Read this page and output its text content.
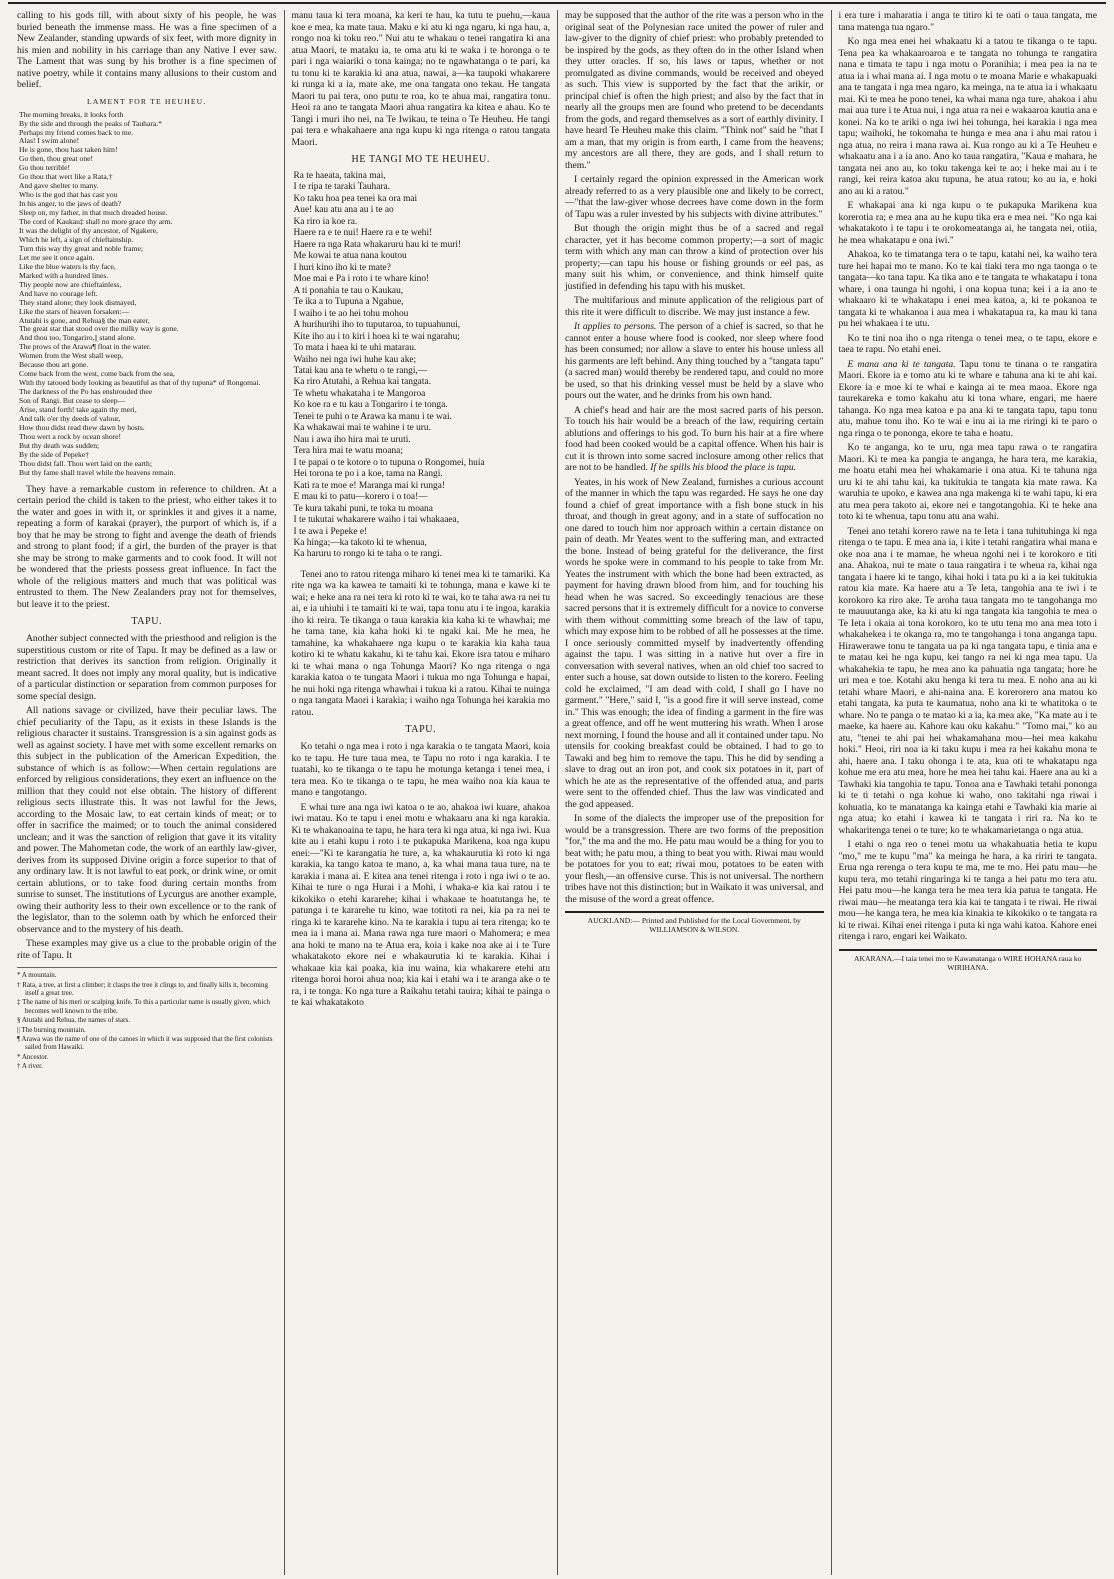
calling to his gods till, with about sixty of his people, he was buried beneath the immense mass. He was a fine specimen of a New Zealander, standing upwards of six feet, with more dignity in his mien and nobility in his carriage than any Native I ever saw. The Lament that was sung by his brother is a fine specimen of native poetry, while it contains many allusions to their custom and belief.

LAMENT FOR TE HEUHEU.
The morning breaks, it looks forth
By the side and through the peaks of Tauhara.*
Perhaps my friend comes back to me.
Alas! I swim alone!
He is gone, thou hast taken him!
Go then, thou great one!
Go thou terrible!
Go thou that wert like a Rata,†
And gave shelter to many.
Who is the god that has cast you
In his anger, to the jaws of death?
Sleep on, my father, in that much dreaded house.
The cord of Kaukau‡ shall no more grace thy arm.
It was the delight of thy ancestor, of Ngakere,
Which he left, a sign of chieftainship.
Turn this way thy great and noble frame;
Let me see it once again.
Like the blue waters is thy face,
Marked with a hundred lines.
Thy people now are chieftainless,
And have no courage left.
They stand alone; they look dismayed,
Like the stars of heaven forsaken:—
Atutahi is gone, and Rehua§ the man eater,
The great star that stood over the milky way is gone.
And thou too, Tongariro,|| stand alone.
The prows of the Arawa¶ float in the water.
Women from the West shall weep,
Because thou art gone.
Come back from the west, come back from the sea,
With thy tatooed body looking as beautiful as that of thy tupuna* of Rongomai.
The darkness of the Po has enshrouded thee
Son of Rangi. But cease to sleep—
Arise, stand forth! take again thy meri,
And talk o'er thy deeds of valour,
How thou didst read thew dawn by hosts.
Thou wert a rock by ocean shore!
But thy death was sudden;
By the side of Pepeke†
Thou didst fall. Thou wert laid on the earth;
But thy fame shall travel while the heavens remain.

They have a remarkable custom in reference to children. At a certain period the child is taken to the priest, who either takes it to the water and goes in with it, or sprinkles it and gives it a name, repeating a form of karakai (prayer), the purport of which is, if a boy that he may be strong to fight and avenge the death of friends and strong to plant food; if a girl, the burden of the prayer is that she may be strong to make garments and to cook food. It will not be wondered that the priests possess great influence. In fact the whole of the religious matters and much that was political was entrusted to them. The New Zealanders pray not for themselves, but leave it to the priest.

TAPU.

Another subject connected with the priesthood and religion is the superstitious custom or rite of Tapu. It may be defined as a law or restriction that derives its sanction from religion. Originally it meant sacred. It does not imply any moral quality, but is indicative of a particular distinction or separation from common purposes for some special design.

All nations savage or civilized, have their peculiar laws. The chief peculiarity of the Tapu, as it exists in these Islands is the religious character it sustains. Transgression is a sin against gods as well as against society. I have met with some excellent remarks on this subject in the publication of the American Expedition, the substance of which is as follow:—When certain regulations are enforced by religious considerations, they exert an influence on the million that they could not else obtain. The history of different religious sects illustrate this. It was not lawful for the Jews, according to the Mosaic law, to eat certain kinds of meat; or to offer in sacrifice the maimed; or to touch the animal considered unclean; and it was the sanction of religion that gave it its vitality and power. The Mahometan code, the work of an earthly law-giver, derives from its supposed Divine origin a force superior to that of any ordinary law. It is not lawful to eat pork, or drink wine, or omit certain ablutions, or to take food during certain months from sunrise to sunset. The institutions of Lycurgus are another example, owing their authority less to their own excellence or to the rank of the legislator, than to the solemn oath by which he enforced their observance and to the mystery of his death.

These examples may give us a clue to the probable origin of the rite of Tapu. It

* A mountain.
† Rata, a tree, at first a climber; it clasps the tree it clings to, and finally kills it, becoming itself a great tree.
‡ The name of his meri or scalping knife. To this a particular name is usually given, which becomes well known to the tribe.
§ Atutahi and Rehua, the names of stars.
|| The burning mountain.
¶ Arawa was the name of one of the canoes in which it was supposed that the first colonists sailed from Hawaiki.
* Ancestor.
† A river.

manu taua ki tera moana, ka keri te hau, ka tutu te puehu,—kaua koe e mea, ka mate taua. Maku e ki atu ki nga ngaru, ki nga hau, a, rongo noa ki toku reo." Nui atu te whakau o tenei rangatira ki ana atua Maori, te mataku ia, te oma atu ki te waka i te horonga o te pari i nga waiariki o tona kainga; no te ngawhatanga o te pari, ka tu tonu ki te karakia ki ana atua, nawai, a—ka taupoki whakarere ki runga ki a ia, mate ake, me ona tangata ono tekau. He tangata Maori tu pai tera, ono putu te roa, ko te ahua mai, rangatira tonu. Heoi ra ano te tangata Maori ahua rangatira ka kitea e ahau. Ko te Tangi i muri iho nei, na Te Iwikau, te teina o Te Heuheu. He tangi pai tera e whakahaere ana nga kupu ki nga ritenga o ratou tangata Maori.

HE TANGI MO TE HEUHEU.
Ra te haeata, takina mai,
I te ripa te taraki Tauhara.
Ko taku hoa pea tenei ka ora mai
Aue! kau atu ana au i te ao
Ka riro ia koe ra.
Haere ra e te nui! Haere ra e te wehi!
Haere ra nga Rata whakaruru hau ki te muri!
Me kowai te atua nana koutou
I huri kino iho ki te mate?
Moe mai e Pa i roto i te whare kino!
A ti ponahia te tau o Kaukau,
Te ika a to Tupuna a Ngahue,
I waiho i te ao hei tohu mohou
A hurihurihi iho to tuputaroa, to tupuahunui,
Kite iho au i to kiri i hoea ki te wai ngarahu;
To mata i haea ki te uhi matarau.
Waiho nei nga iwi huhe kau ake;
Tatai kau ana te whetu o te rangi,—
Ka riro Atutahi, a Rehua kai tangata.
Te whetu whakataha i te Mangoroa
Ko koe ra e tu kau a Tongariro i te tonga.
Tenei te puhi o te Arawa ka manu i te wai.
Ka whakawai mai te wahine i te uru.
Nau i awa iho hira mai te uruti.
Tera hira mai te watu moana;
I te papai o te kotore o to tupuna o Rongomei, huia
Hei torona te po i a koe, tama na Rangi.
Kati ra te moe e! Maranga mai ki runga!
E mau ki to patu—korero i o toa!—
Te kura takahi puni, te toka tu moana
I te tukutai whakarere waiho i tai whakaaea,
I te awa i Pepeke e!
Ka hinga;—ka takoto ki te whenua,
Ka haruru to rongo ki te taha o te rangi.

Tenei ano to ratou ritenga miharo ki tenei mea ki te tamariki. Ka rite nga wa ka kawea te tamaiti ki te tohunga, mana e kawe ki te wai; e heke ana ra nei tera ki roto ki te wai, ko te taha awa ra nei tu ai, e ia uhiuhi i te tamaiti ki te wai, tapa tonu atu i te ingoa, karakia iho ki reira. Te tikanga o taua karakia kia kaha ki te whawhai; me he tama tane, kia kaha hoki ki te ngaki kai. Me he mea, he tamahine, ka whakahaere nga kupu o te karakia kia kaha taua kotiro ki te whatu kakahu, ki te tahu kai. Ekore isra tatou e miharo ki te whai mana o nga Tohunga Maori? Ko nga ritenga o nga karakia katoa o te tungata Maori i tukua mo nga Tohunga e hapai, he nui hoki nga ritenga whawhai i tukua ki a ratou. Kihai te nuinga o nga tangata Maori i karakia; i waiho nga Tohunga hei karakia mo ratou.

TAPU.

Ko tetahi o nga mea i roto i nga karakia o te tangata Maori, koia ko te tapu. He ture taua mea, te Tapu no roto i nga karakia. I te tuatahi, ko te tikanga o te tapu he motunga ketanga i tenei mea, i tera mea. Ko te tikanga o te tapu, he mea waiho noa kia kaua te mano e tangotango.

E whai ture ana nga iwi katoa o te ao, ahakoa iwi kuare, ahakoa iwi matau. Ko te tapu i enei motu e whakaaru ana ki nga karakia. Ki te whakanoaina te tapu, he hara tera ki nga atua, ki nga iwi. Kua kite au i etahi kupu i roto i te pukapuka Marikena, koa nga kupu enei:—"Ki te karangatia he ture, a, ka whakaurutia ki roto ki nga karakia, ka tango katoa te mano, a, ka whai mana taua ture, na te karakia i mana ai. E kitea ana tenei ritenga i roto i nga iwi o te ao. Kihai te ture o nga Hurai i a Mohi, i whaka-e kia kai ratou i te kikokiko o etehi kararehe; kihai i whakaae te hoatutanga he, te patunga i te kararehe tu kino, wae totitoti ra nei, kia pa ra nei te ringa ki te kararehe kino. Na te karakia i tupu ai tera ritenga; ko te mea ia i mana ai. Mana rawa nga ture maori o Mahomera; e mea ana hoki te mano na te Atua era, koia i kake noa ake ai i te Ture whakatakoto ekore nei e whakaurutia ki te karakia. Kihai i whakaae kia kai poaka, kia inu waina, kia whakarere etehi atu ritenga horoi horoi ahua noa; kia kai i etahi wa i te aranga ake o te ra, i te tonga. Ko nga ture a Raikahu tetahi tauira; kihai te painga o te kai whakatakoto

may be supposed that the author of the rite was a person who in the original seat of the Polynesian race united the power of ruler and law-giver to the dignity of chief priest: who probably pretended to be inspired by the gods, as they often do in the other Island when they utter oracles. If so, his laws or tapus, whether or not promulgated as divine commands, would be received and obeyed as such. This view is supported by the fact that the arikir, or principal chief is often the high priest; and also by the fact that in nearly all the groups men are found who pretend to be decendants from the gods, and regard themselves as a sort of earthly divinity. I have heard Te Heuheu make this claim. "Think not" said he "that I am a man, that my origin is from earth, I came from the heavens; my ancestors are all there, they are gods, and I shall return to them."

I certainly regard the opinion expressed in the American work already referred to as a very plausible one and likely to be correct,—"that the law-giver whose decrees have come down in the form of Tapu was a ruler invested by his subjects with divine attributes."

But though the origin might thus be of a sacred and regal character, yet it has become common property;—a sort of magic term with which any man can throw a kind of protection over his property;—can tapu his house or fishing grounds or eel pas, as many suit his whim, or convenience, and think himself quite justified in defending his tapu with his musket.

The multifarious and minute application of the religious part of this rite it were difficult to discribe. We may just instance a few.

It applies to persons. The person of a chief is sacred, so that he cannot enter a house where food is cooked, nor sleep where food has been consumed; nor allow a slave to enter his house unless all his garments are left behind. Any thing touched by a "tangata tapu" (a sacred man) would thereby be rendered tapu, and could no more be used, so that his drinking vessel must be held by a slave who pours out the water, and he drinks from his own hand.

A chief's head and hair are the most sacred parts of his person. To touch his hair would be a breach of the law, requiring certain ablutions and offerings to his god. To burn his hair at a fire where food had been cooked would be a capital offence. When his hair is cut it is thrown into some sacred inclosure among other relics that are not to be handled. If he spills his blood the place is tapu.

Yeates, in his work of New Zealand, furnishes a curious account of the manner in which the tapu was regarded. He says he one day found a chief of great importance with a fish bone stuck in his throat, and though in great agony, and in a state of suffocation no one dared to touch him nor approach within a certain distance on pain of death. Mr Yeates went to the suffering man, and extracted the bone. Instead of being grateful for the deliverance, the first words he spoke were in command to his people to take from Mr. Yeates the instrument with which the bone had been extracted, as payment for having drawn blood from him, and for touching his head when he was sacred. So exceedingly tenacious are these sacred persons that it is extremely difficult for a novice to converse with them without committing some breach of the law of tapu, which may expose him to be robbed of all he possesses at the time. I once seriously committed myself by inadvertently offending against the tapu. I was sitting in a native hut over a fire in conversation with several natives, when an old chief too sacred to enter such a house, sat down outside to listen to the korero. Feeling cold he exclaimed, "I am dead with cold, I shall go I have no garment." "Here," said I, "is a good fire it will serve instead, come in." This was enough; the idea of finding a garment in the fire was a great offence, and off he went muttering his wrath. When I arose next morning, I found the house and all it contained under tapu. No utensils for cooking breakfast could be obtained. I had to go to Tawaki and beg him to remove the tapu. This he did by sending a slave to drag out an iron pot, and cook six potatoes in it, part of which he ate as the representative of the offended atua, and parts were sent to the offended chief. Thus the law was vindicated and the god appeased.

In some of the dialects the improper use of the preposition for would be a transgression. There are two forms of the preposition "for," the ma and the mo. He patu mau would be a thing for you to beat with; he patu mou, a thing to beat you with. Riwai mau would be potatoes for you to eat; riwai mou, potatoes to be eaten with your flesh,—an offensive curse. This is not universal. The northern tribes have not this distinction; but in Waikato it was universal, and the misuse of the word a great offence.

AUCKLAND:— Printed and Published for the Local Government, by WILLIAMSON & WILSON.

i era ture i maharatia i anga te titiro ki te oati o taua tangata, me tana matenga tua ngaro."

Ko nga mea enei hei whakaatu ki a tatou te tikanga o te tapu. Tena pea ka whakaaroaroa e te tangata no tohunga te rangatira nana e timata te tapu i nga motu o Poranihia; i mea pea ia na te atua ia i whai mana ai. I nga motu o te moana Marie e whakapuaki ana te tangata i nga mea ngaro, ka meinga, na te atua ia i whakaatu mai. Ki te mea he pono tenei, ka whai mana nga ture, ahakoa i ahu mai aua ture i te Atua nui, i nga atua ra nei e wakaaroa kautia ana e konei. Na ko te ariki o nga iwi hei tohunga, hei karakia i nga mea tapu; waihoki, he tokomaha te hunga e mea ana i ahu mai ratou i nga atua, no reira i mana rawa ai. Kua rongo au ki a Te Heuheu e whakaatu ana i a ia ano. Ano ko taua rangatira, "Kaua e mahara, he tangata nei ano au, ko toku takenga kei te ao; i heke mai au i te rangi, kei reira katoa aku tupuna, he atua ratou; ko au ia, e hoki ano au ki a ratou."

E whakapai ana ki nga kupu o te pukapuka Marikena kua korerotia ra; e mea ana au he kupu tika era e mea nei. "Ko nga kai whakatakoto i te tapu i te orokomeatanga ai, he tangata nei, otiia, he mea whakatapu e ona iwi."

Ahakoa, ko te timatanga tera o te tapu, katahi nei, ka waiho tera ture hei hapai mo te mano. Ko te kai tiaki tera mo nga taonga o te tangata—ko tana tapu. Ka tika ano e te tangata te whakatapu i tona whare, i ona taunga hi ngohi, i ona kopua tuna; kei i a ia ano te whakaaro ki te whakatapu i enei mea katoa, a, ki te pokanoa te tangata ki te whakanoa i aua mea i whakatapua ra, ka mau ki tana pu hei whakaea i te utu.

Ko te tini noa iho o nga ritenga o tenei mea, o te tapu, ekore e taea te rapu. No etahi enei.

E mana ana ki te tangata. Tapu tonu te tinana o te rangatira Maori. Ekore ia e tomo atu ki te whare e tahuna ana ki te ahi kai. Ekore ia e moe ki te whai e kainga ai te mea maoa. Ekore nga taurekareka e tomo kakahu atu ki tona whare, engari, me haere tahanga. Ko nga mea katoa e pa ana ki te tangata tapu, tapu tonu atu, mahue tonu iho. Ko te wai e inu ai ia me riringi ki te paro o nga ringa o te pononga, ekore te taha e hoatu.

Ko te anganga, ko te uru, nga mea tapu rawa o te rangatira Maori. Ki te mea ka pangia te anganga, he hara tera, me karakia, me hoatu etahi mea hei whakamarie i ona atua. Ki te tahuna nga uru ki te ahi tahu kai, ka tukitukia te tangata kia mate rawa. Ka waruhia te upoko, e kawea ana nga makenga ki te wahi tapu, ki era atu mea pera takoto ai, ekore nei e tangotangohia. Ki te heke ana toto ki te whenua, tapu tonu atu ana wahi.

Tenei ano tetahi korero rawe na te Ieta i tana tuhituhinga ki nga ritenga o te tapu. E mea ana ia, i kite i tetahi rangatira whai mana e oke noa ana i te mamae, he wheua ngohi nei i te korokoro e titi ana. Ahakoa, nui te mate o taua rangatira i te wheua ra, kihai nga tangata i haere ki te tango, kihai hoki i tata pu ki a ia kei tukitukia ratou kia mate. Ka haere atu a Te Ieta, tangohia ana te iwi i te korokoro ka riro ake. Te aroha taua tangata mo te tangohanga mo te mauuutanga ake, ka ki atu ki nga tangata kia tangohia te mea o Te Ieta i okaia ai tona korokoro, ko te utu tena mo ana mea toto i whakahekea i te okanga ra, mo te tangohanga i tona anganga tapu. Hirawerawe tonu te tangata ua pa ki nga tangata tapu, e tinia ana e te matau kei he nga kupu, kei tango ra nei ki nga mea tapu. Ua whakahekia te tapu, he mea ano ka pahuatia nga tangata; hore he uri mea e toe. Kotahi aku henga ki tera tu mea. E noho ana au ki tetahi whare Maori, e ahi-naina ana. E korerorero ana matou ko etahi tangata, ka puta te kaumatua, noho ana ki te whatitoka o te whare. No te panga o te matao ki a ia, ka mea ake, "Ka mate au i te maeke, ka haere au. Kahore kau oku kakahu." "Tomo mai," ko au atu, "tenei te ahi pai hei whakamahana mou—hei mea kakahu hoki." Heoi, riri noa ia ki taku kupu i mea ra hei kakahu mona te ahi, haere ana. I taku ohonga i te ata, kua oti te whakatapu nga kohue me era atu mea, hore he mea hei tahu kai. Haere ana au ki a Tawhaki kia tangohia te tapu. Tonoa ana e Tawhaki tetahi pononga ki te ti tetahi o nga kohue ki waho, ono takitahi nga riwai i kohuatia, ko te manatanga ka kainga etahi e Tawhaki kia marie ai nga atua; ko etahi i kawea ki te tangata i riri ra. Na ko te whakaritenga tenei o te ture; ko te whakamarietanga o nga atua.

I etahi o nga reo o tenei motu ua whakahuatia hetia te kupu "mo," me te kupu "ma" ka meinga he hara, a ka ririri te tangata. Erua nga rerenga o tera kupu te ma, me te mo. Hei patu mau—he kupu tera, mo tetahi ringaringa ki te tanga a hei patu mo tera atu. Hei patu mou—he kanga tera he mea tera kia patua te tangata. He riwai mau—he meatanga tera kia kai te tangata i te riwai. He riwai mou—he kanga tera, he mea kia kinakia te kikokiko o te tangata ra ki te riwai. Kihai enei ritenga i puta ki nga wahi katoa. Kahore enei ritenga i raro, engari kei Waikato.

AKARANA,—I taia tenei mo te Kawanatanga o WIRE HOHANA raua ko WIRIHANA.
